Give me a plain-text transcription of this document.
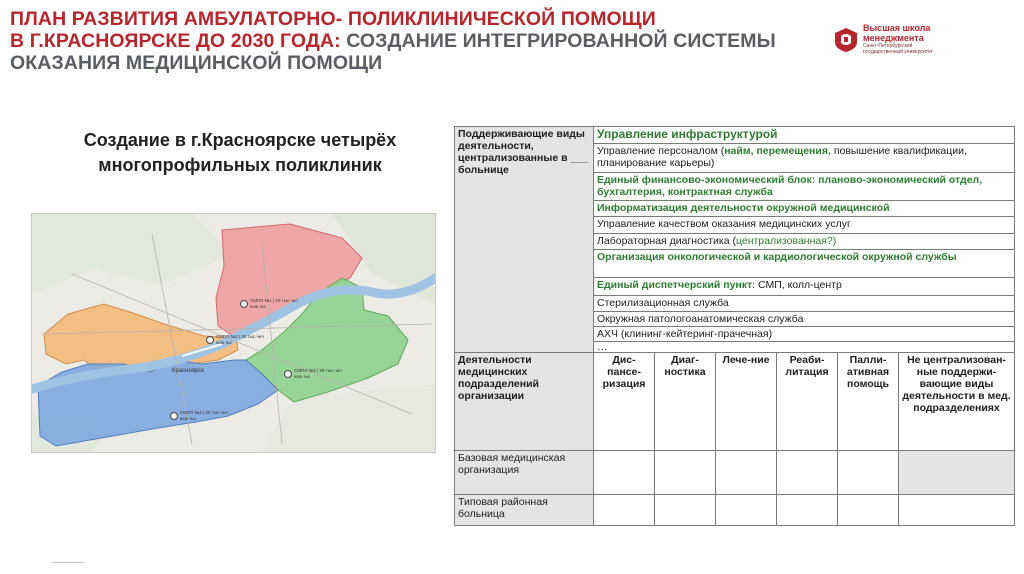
ПЛАН РАЗВИТИЯ АМБУЛАТОРНО- ПОЛИКЛИНИЧЕСКОЙ ПОМОЩИ
В Г.КРАСНОЯРСКЕ ДО 2030 ГОДА: СОЗДАНИЕ ИНТЕГРИРОВАННОЙ СИСТЕМЫ
ОКАЗАНИЯ МЕДИЦИНСКОЙ ПОМОЩИ
Высшая школа
менеджмента
Санкт-Петербургский
государственный университет
Создание в г.Красноярске четырёх
многопрофильных поликлиник
СМПЛ №1 | 20 тыс.чел
КМБ №1
СМПЛ №2 | 20 тыс.чел
КМБ №2
СМПЛ №3 | 20 тыс.чел
КМБ №3
СМПЛ №4 | 20 тыс.чел
КМБ №4
Красноярск
Поддерживающие виды деятельности, централизованные в ___ больнице	Управление инфраструктурой					
	Управление персоналом (найм, перемещения, повышение квалификации, планирование карьеры)					
	Единый финансово-экономический блок: планово-экономический отдел, бухгалтерия, контрактная служба					
	Информатизация деятельности окружной медицинской					
	Управление качеством оказания медицинских услуг					
	Лабораторная диагностика (централизованная?)					
	Организация онкологической и кардиологической окружной службы					
	Единый диспетчерский пункт: СМП, колл-центр					
	Стерилизационная служба					
	Окружная патологоанатомическая служба					
	АХЧ (клининг-кейтеринг-прачечная)					
	…					
Деятельности медицинских подразделений организации	Дис-пансе-ризация	Диаг-ностика	Лече-ние	Реаби-литация	Палли-ативная помощь	Не централизован-ные поддержи-вающие виды деятельности в мед. подразделениях
Базовая медицинская организация						
Типовая районная больница						
